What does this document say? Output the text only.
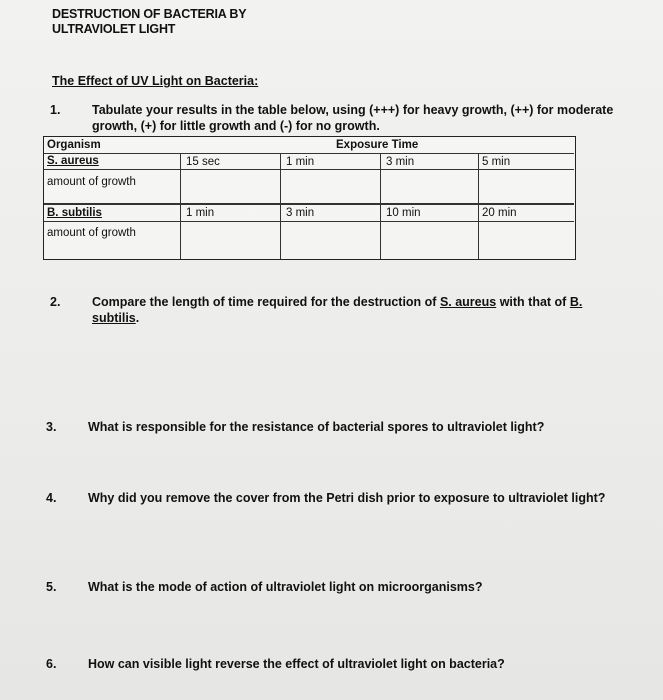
DESTRUCTION OF BACTERIA BY
ULTRAVIOLET LIGHT
The Effect of UV Light on Bacteria:
1.	Tabulate your results in the table below, using (+++) for heavy growth, (++) for moderate growth, (+) for little growth and (-) for no growth.
Organism	Exposure Time
S. aureus	15 sec	1 min	3 min	5 min
amount of growth
B. subtilis	1 min	3 min	10 min	20 min
amount of growth
2.	Compare the length of time required for the destruction of S. aureus with that of B. subtilis.
3.	What is responsible for the resistance of bacterial spores to ultraviolet light?
4.	Why did you remove the cover from the Petri dish prior to exposure to ultraviolet light?
5.	What is the mode of action of ultraviolet light on microorganisms?
6.	How can visible light reverse the effect of ultraviolet light on bacteria?
